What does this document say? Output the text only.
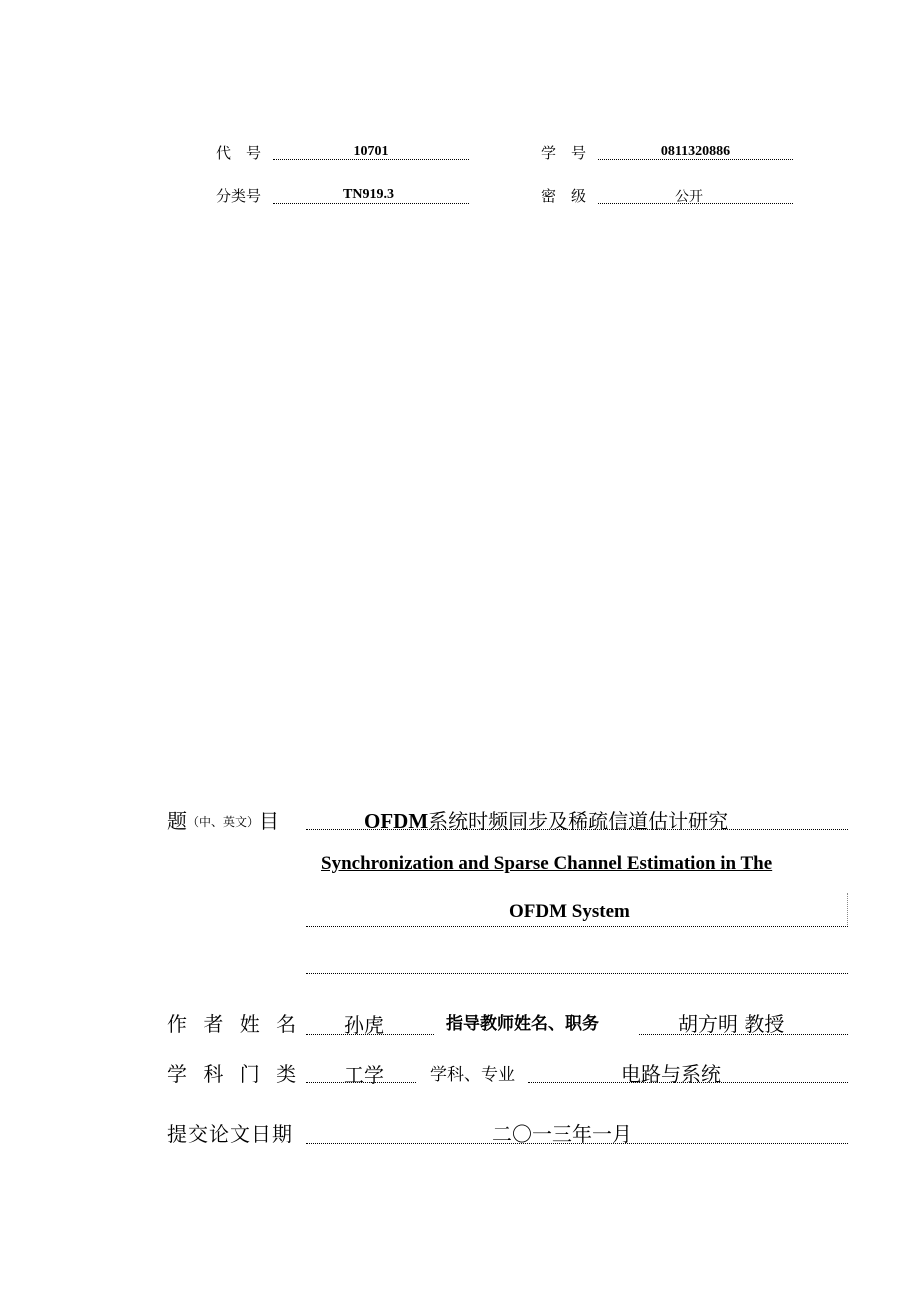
代　号	10701	学　号	0811320886
分类号	TN919.3	密　级	公开
题（中、英文）目	OFDM系统时频同步及稀疏信道估计研究
Synchronization and Sparse Channel Estimation in The
OFDM System
作 者 姓 名 孙虎	指导教师姓名、职务	胡方明 教授
学 科 门 类 工学	学科、专业	电路与系统
提交论文日期	二〇一三年一月
